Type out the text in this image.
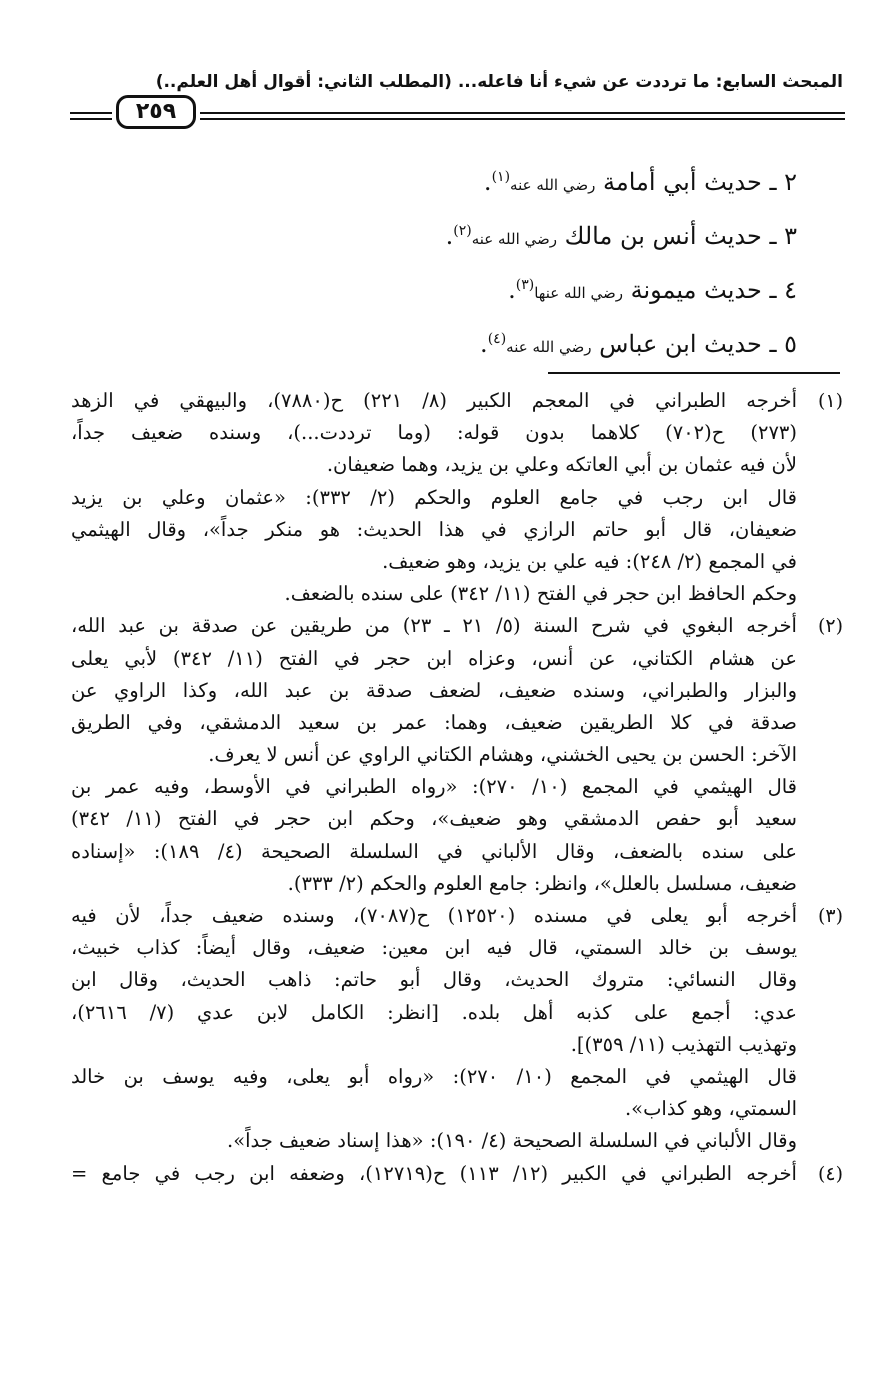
المبحث السابع: ما ترددت عن شيء أنا فاعله... (المطلب الثاني: أقوال أهل العلم..)
٢٥٩
٢ ـ حديث أبي أمامة رضي الله عنه$^{(١)}$.
٣ ـ حديث أنس بن مالك رضي الله عنه$^{(٢)}$.
٤ ـ حديث ميمونة رضي الله عنها$^{(٣)}$.
٥ ـ حديث ابن عباس رضي الله عنه$^{(٤)}$.
(١)
أخرجه الطبراني في المعجم الكبير (٨/ ٢٢١) ح(٧٨٨٠)، والبيهقي في الزهد
(٢٧٣) ح(٧٠٢) كلاهما بدون قوله: (وما ترددت...)، وسنده ضعيف جداً،
لأن فيه عثمان بن أبي العاتكه وعلي بن يزيد، وهما ضعيفان.
قال ابن رجب في جامع العلوم والحكم (٢/ ٣٣٢): «عثمان وعلي بن يزيد
ضعيفان، قال أبو حاتم الرازي في هذا الحديث: هو منكر جداً»، وقال الهيثمي
في المجمع (٢/ ٢٤٨): فيه علي بن يزيد، وهو ضعيف.
وحكم الحافظ ابن حجر في الفتح (١١/ ٣٤٢) على سنده بالضعف.
(٢)
أخرجه البغوي في شرح السنة (٥/ ٢١ ـ ٢٣) من طريقين عن صدقة بن عبد الله،
عن هشام الكتاني، عن أنس، وعزاه ابن حجر في الفتح (١١/ ٣٤٢) لأبي يعلى
والبزار والطبراني، وسنده ضعيف، لضعف صدقة بن عبد الله، وكذا الراوي عن
صدقة في كلا الطريقين ضعيف، وهما: عمر بن سعيد الدمشقي، وفي الطريق
الآخر: الحسن بن يحيى الخشني، وهشام الكتاني الراوي عن أنس لا يعرف.
قال الهيثمي في المجمع (١٠/ ٢٧٠): «رواه الطبراني في الأوسط، وفيه عمر بن
سعيد أبو حفص الدمشقي وهو ضعيف»، وحكم ابن حجر في الفتح (١١/ ٣٤٢)
على سنده بالضعف، وقال الألباني في السلسلة الصحيحة (٤/ ١٨٩): «إسناده
ضعيف، مسلسل بالعلل»، وانظر: جامع العلوم والحكم (٢/ ٣٣٣).
(٣)
أخرجه أبو يعلى في مسنده (١٢٥٢٠) ح(٧٠٨٧)، وسنده ضعيف جداً، لأن فيه
يوسف بن خالد السمتي، قال فيه ابن معين: ضعيف، وقال أيضاً: كذاب خبيث،
وقال النسائي: متروك الحديث، وقال أبو حاتم: ذاهب الحديث، وقال ابن
عدي: أجمع على كذبه أهل بلده. [انظر: الكامل لابن عدي (٧/ ٢٦١٦)،
وتهذيب التهذيب (١١/ ٣٥٩)].
قال الهيثمي في المجمع (١٠/ ٢٧٠): «رواه أبو يعلى، وفيه يوسف بن خالد
السمتي، وهو كذاب».
وقال الألباني في السلسلة الصحيحة (٤/ ١٩٠): «هذا إسناد ضعيف جداً».
(٤)
أخرجه الطبراني في الكبير (١٢/ ١١٣) ح(١٢٧١٩)، وضعفه ابن رجب في جامع =
